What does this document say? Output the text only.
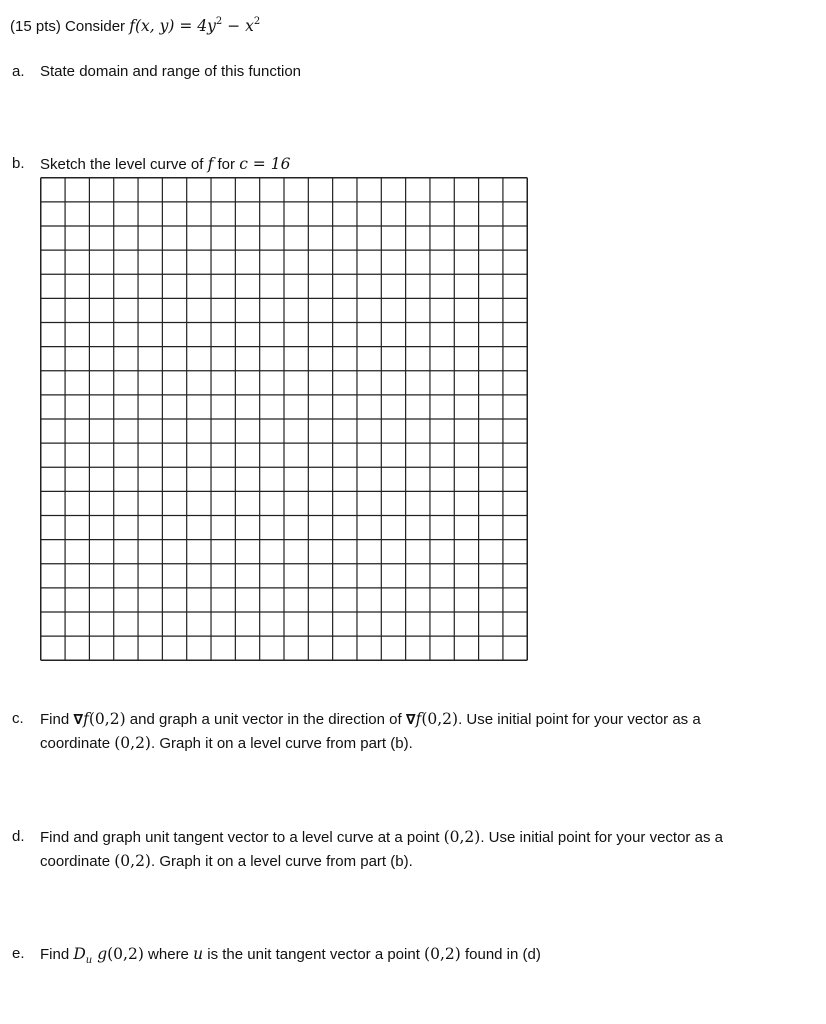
(15 pts) Consider f(x, $y) = 4y^2 - x^2$
a. State domain and range of this function
b. Sketch the level curve of f for c = 16
c. Find ∇f(0,2) and graph a unit vector in the direction of ∇f(0,2). Use initial point for your vector as a
coordinate (0,2). Graph it on a level curve from part (b).
d. Find and graph unit tangent vector to a level curve at a point (0,2). Use initial point for your vector as a
coordinate (0,2). Graph it on a level curve from part (b).
e. Find $D_u$ g(0,2) where u is the unit tangent vector a point (0,2) found in (d)
